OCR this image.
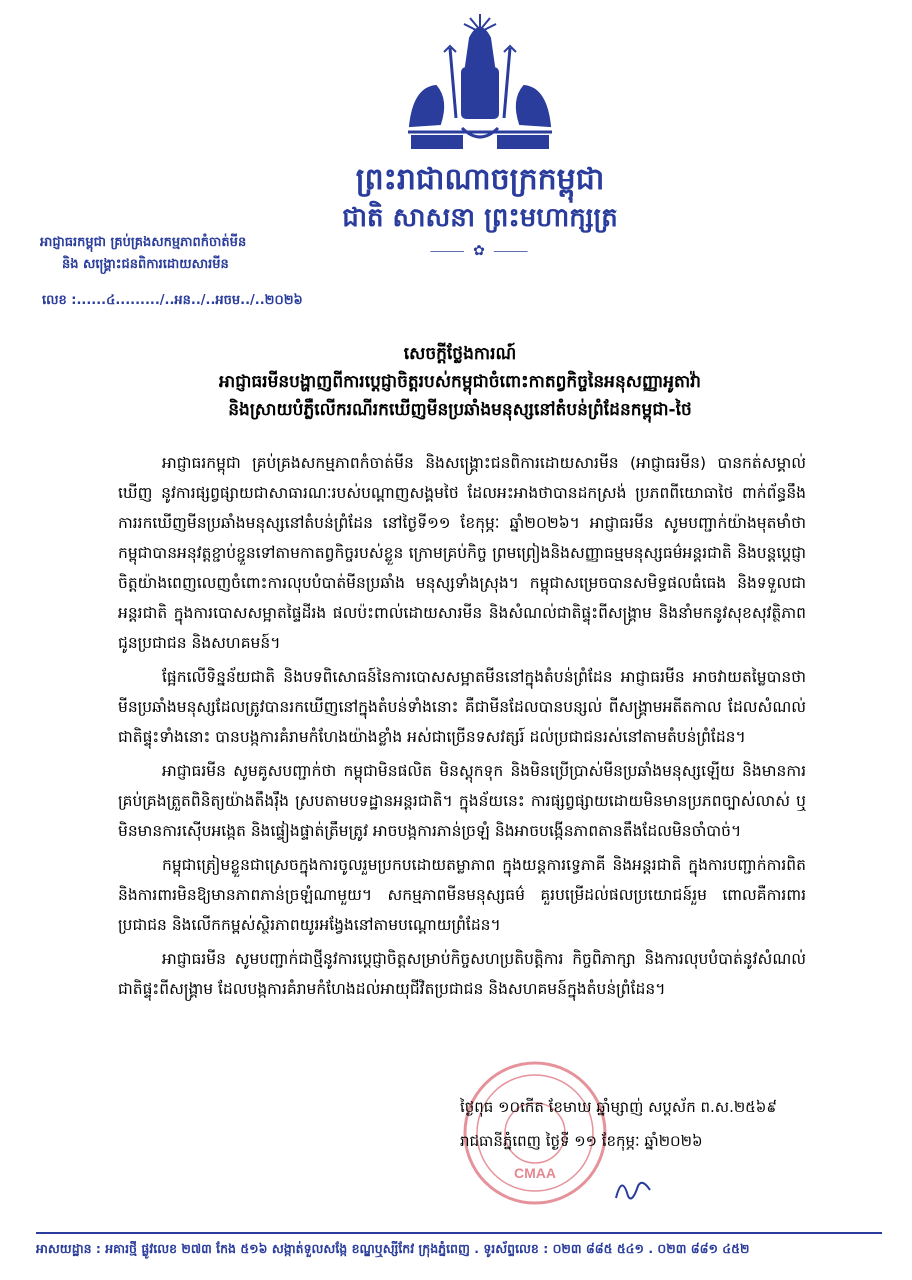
ព្រះរាជាណាចក្រកម្ពុជា
ជាតិ សាសនា ព្រះមហាក្សត្រ
⸻ ✿ ⸻
អាជ្ញាធរកម្ពុជា គ្រប់គ្រងសកម្មភាពកំចាត់មីន
និង សង្គ្រោះជនពិការដោយសារមីន
លេខ :......៤........./..អន../..អចម../..២០២៦
សេចក្តីថ្លែងការណ៍
អាជ្ញាធរមីនបង្ហាញពីការប្តេជ្ញាចិត្តរបស់កម្ពុជាចំពោះកាតព្វកិច្ចនៃអនុសញ្ញាអូតាវ៉ា
និងស្រាយបំភ្លឺលើករណីរកឃើញមីនប្រឆាំងមនុស្សនៅតំបន់ព្រំដែនកម្ពុជា-ថៃ

អាជ្ញាធរកម្ពុជា គ្រប់គ្រងសកម្មភាពកំចាត់មីន និងសង្គ្រោះជនពិការដោយសារមីន (អាជ្ញាធរមីន) បានកត់សម្គាល់ឃើញ នូវការផ្សព្វផ្សាយជាសាធារណៈរបស់បណ្តាញសង្គមថៃ ដែលអះអាងថាបានដកស្រង់ ប្រភពពីយោធាថៃ ពាក់ព័ន្ធនឹងការរកឃើញមីនប្រឆាំងមនុស្សនៅតំបន់ព្រំដែន នៅថ្ងៃទី១១ ខែកុម្ភៈ ឆ្នាំ២០២៦។ អាជ្ញាធរមីន សូមបញ្ជាក់យ៉ាងមុតមាំថា កម្ពុជាបានអនុវត្តខ្ជាប់ខ្ជួនទៅតាមកាតព្វកិច្ចរបស់ខ្លួន ក្រោមគ្រប់កិច្ច ព្រមព្រៀងនិងសញ្ញាធម្មមនុស្សធម៌អន្តរជាតិ និងបន្តប្តេជ្ញាចិត្តយ៉ាងពេញលេញចំពោះការលុបបំបាត់មីនប្រឆាំង មនុស្សទាំងស្រុង។ កម្ពុជាសម្រេចបានសមិទ្ធផលធំធេង និងទទួលជាអន្តរជាតិ ក្នុងការបោសសម្អាតផ្ទៃដីរង ផលប៉ះពាល់ដោយសារមីន និងសំណល់ជាតិផ្ទុះពីសង្គ្រាម និងនាំមកនូវសុខសុវត្ថិភាពជូនប្រជាជន និងសហគមន៍។

ផ្អែកលើទិន្នន័យជាតិ និងបទពិសោធន៍នៃការបោសសម្អាតមីននៅក្នុងតំបន់ព្រំដែន អាជ្ញាធរមីន អាចវាយតម្លៃបានថា មីនប្រឆាំងមនុស្សដែលត្រូវបានរកឃើញនៅក្នុងតំបន់ទាំងនោះ គឺជាមីនដែលបានបន្សល់ ពីសង្គ្រាមអតីតកាល ដែលសំណល់ជាតិផ្ទុះទាំងនោះ បានបង្កការគំរាមកំហែងយ៉ាងខ្លាំង អស់ជាច្រើនទសវត្សរ៍ ដល់ប្រជាជនរស់នៅតាមតំបន់ព្រំដែន។

អាជ្ញាធរមីន សូមគូសបញ្ជាក់ថា កម្ពុជាមិនផលិត មិនស្តុកទុក និងមិនប្រើប្រាស់មីនប្រឆាំងមនុស្សឡើយ និងមានការគ្រប់គ្រងត្រួតពិនិត្យយ៉ាងតឹងរ៉ឹង ស្របតាមបទដ្ឋានអន្តរជាតិ។ ក្នុងន័យនេះ ការផ្សព្វផ្សាយដោយមិនមានប្រភពច្បាស់លាស់ ឬមិនមានការស៊ើបអង្កេត និងផ្ទៀងផ្ទាត់ត្រឹមត្រូវ អាចបង្កការភាន់ច្រឡំ និងអាចបង្កើនភាពតានតឹងដែលមិនចាំបាច់។

កម្ពុជាត្រៀមខ្លួនជាស្រេចក្នុងការចូលរួមប្រកបដោយតម្លាភាព ក្នុងយន្តការទ្វេភាគី និងអន្តរជាតិ ក្នុងការបញ្ជាក់ការពិត និងការពារមិនឱ្យមានភាពភាន់ច្រឡំណាមួយ។ សកម្មភាពមីនមនុស្សធម៌ គួរបម្រើដល់ផលប្រយោជន៍រួម ពោលគឺការពារប្រជាជន និងលើកកម្ពស់ស្ថិរភាពយូរអង្វែងនៅតាមបណ្តោយព្រំដែន។

អាជ្ញាធរមីន សូមបញ្ជាក់ជាថ្មីនូវការប្តេជ្ញាចិត្តសម្រាប់កិច្ចសហប្រតិបត្តិការ កិច្ចពិភាក្សា និងការលុបបំបាត់នូវសំណល់ជាតិផ្ទុះពីសង្គ្រាម ដែលបង្កការគំរាមកំហែងដល់អាយុជីវិតប្រជាជន និងសហគមន៍ក្នុងតំបន់ព្រំដែន។

CMAA
ថ្ងៃពុធ ១០កើត ខែមាឃ ឆ្នាំម្សាញ់ សប្តស័ក ព.ស.២៥៦៩
រាជធានីភ្នំពេញ ថ្ងៃទី ១១ ខែកុម្ភៈ ឆ្នាំ២០២៦
អាសយដ្ឋាន : អគារថ្មី ផ្លូវលេខ ២៧៣ កែង ៥១៦ សង្កាត់ទួលសង្កែ ខណ្ឌឬស្សីកែវ ក្រុងភ្នំពេញ . ទូរស័ព្ទលេខ : ០២៣ ៨៨៥ ៥៤១ . ០២៣ ៨៨១ ៤៥២
